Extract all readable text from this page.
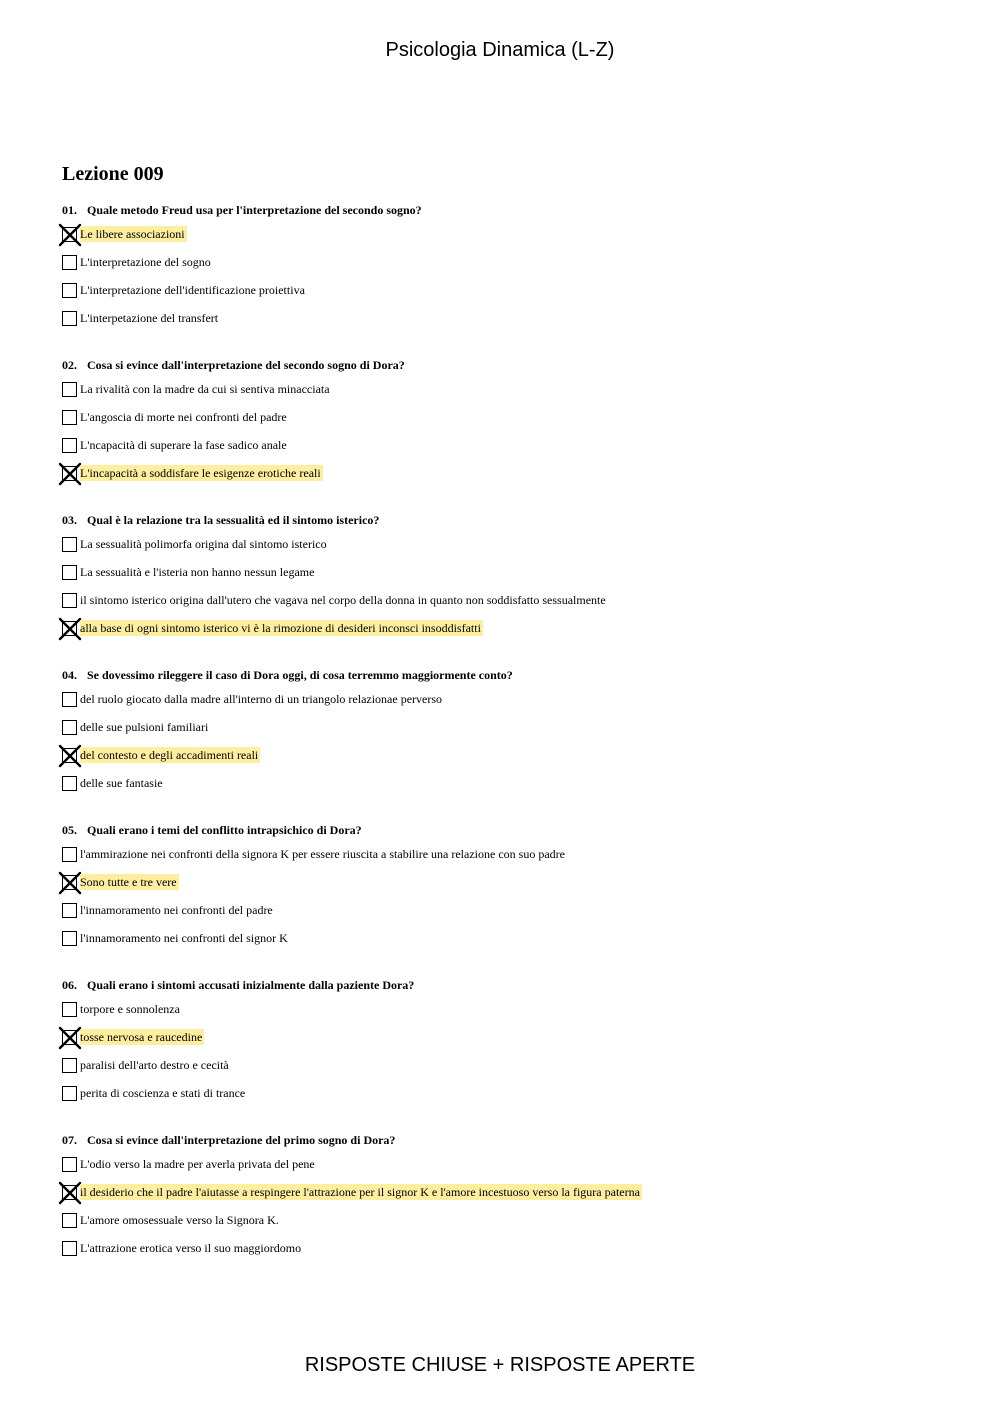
Psicologia Dinamica (L-Z)
Lezione 009
01. Quale metodo Freud usa per l'interpretazione del secondo sogno?
Le libere associazioni
L'interpretazione del sogno
L'interpretazione dell'identificazione proiettiva
L'interpetazione del transfert
02. Cosa si evince dall'interpretazione del secondo sogno di Dora?
La rivalità con la madre da cui si sentiva minacciata
L'angoscia di morte nei confronti del padre
L'ncapacità di superare la fase sadico anale
L'incapacità a soddisfare le esigenze erotiche reali
03. Qual è la relazione tra la sessualità ed il sintomo isterico?
La sessualità polimorfa origina dal sintomo isterico
La sessualità e l'isteria non hanno nessun legame
il sintomo isterico origina dall'utero che vagava nel corpo della donna in quanto non soddisfatto sessualmente
alla base di ogni sintomo isterico vi è la rimozione di desideri inconsci insoddisfatti
04. Se dovessimo rileggere il caso di Dora oggi, di cosa terremmo maggiormente conto?
del ruolo giocato dalla madre all'interno di un triangolo relazionae perverso
delle sue pulsioni familiari
del contesto e degli accadimenti reali
delle sue fantasie
05. Quali erano i temi del conflitto intrapsichico di Dora?
l'ammirazione nei confronti della signora K per essere riuscita a stabilire una relazione con suo padre
Sono tutte e tre vere
l'innamoramento nei confronti del padre
l'innamoramento nei confronti del signor K
06. Quali erano i sintomi accusati inizialmente dalla paziente Dora?
torpore e sonnolenza
tosse nervosa e raucedine
paralisi dell'arto destro e cecità
perita di coscienza e stati di trance
07. Cosa si evince dall'interpretazione del primo sogno di Dora?
L'odio verso la madre per averla privata del pene
il desiderio che il padre l'aiutasse a respingere l'attrazione per il signor K e l'amore incestuoso verso la figura paterna
L'amore omosessuale verso la Signora K.
L'attrazione erotica verso il suo maggiordomo
RISPOSTE CHIUSE + RISPOSTE APERTE
